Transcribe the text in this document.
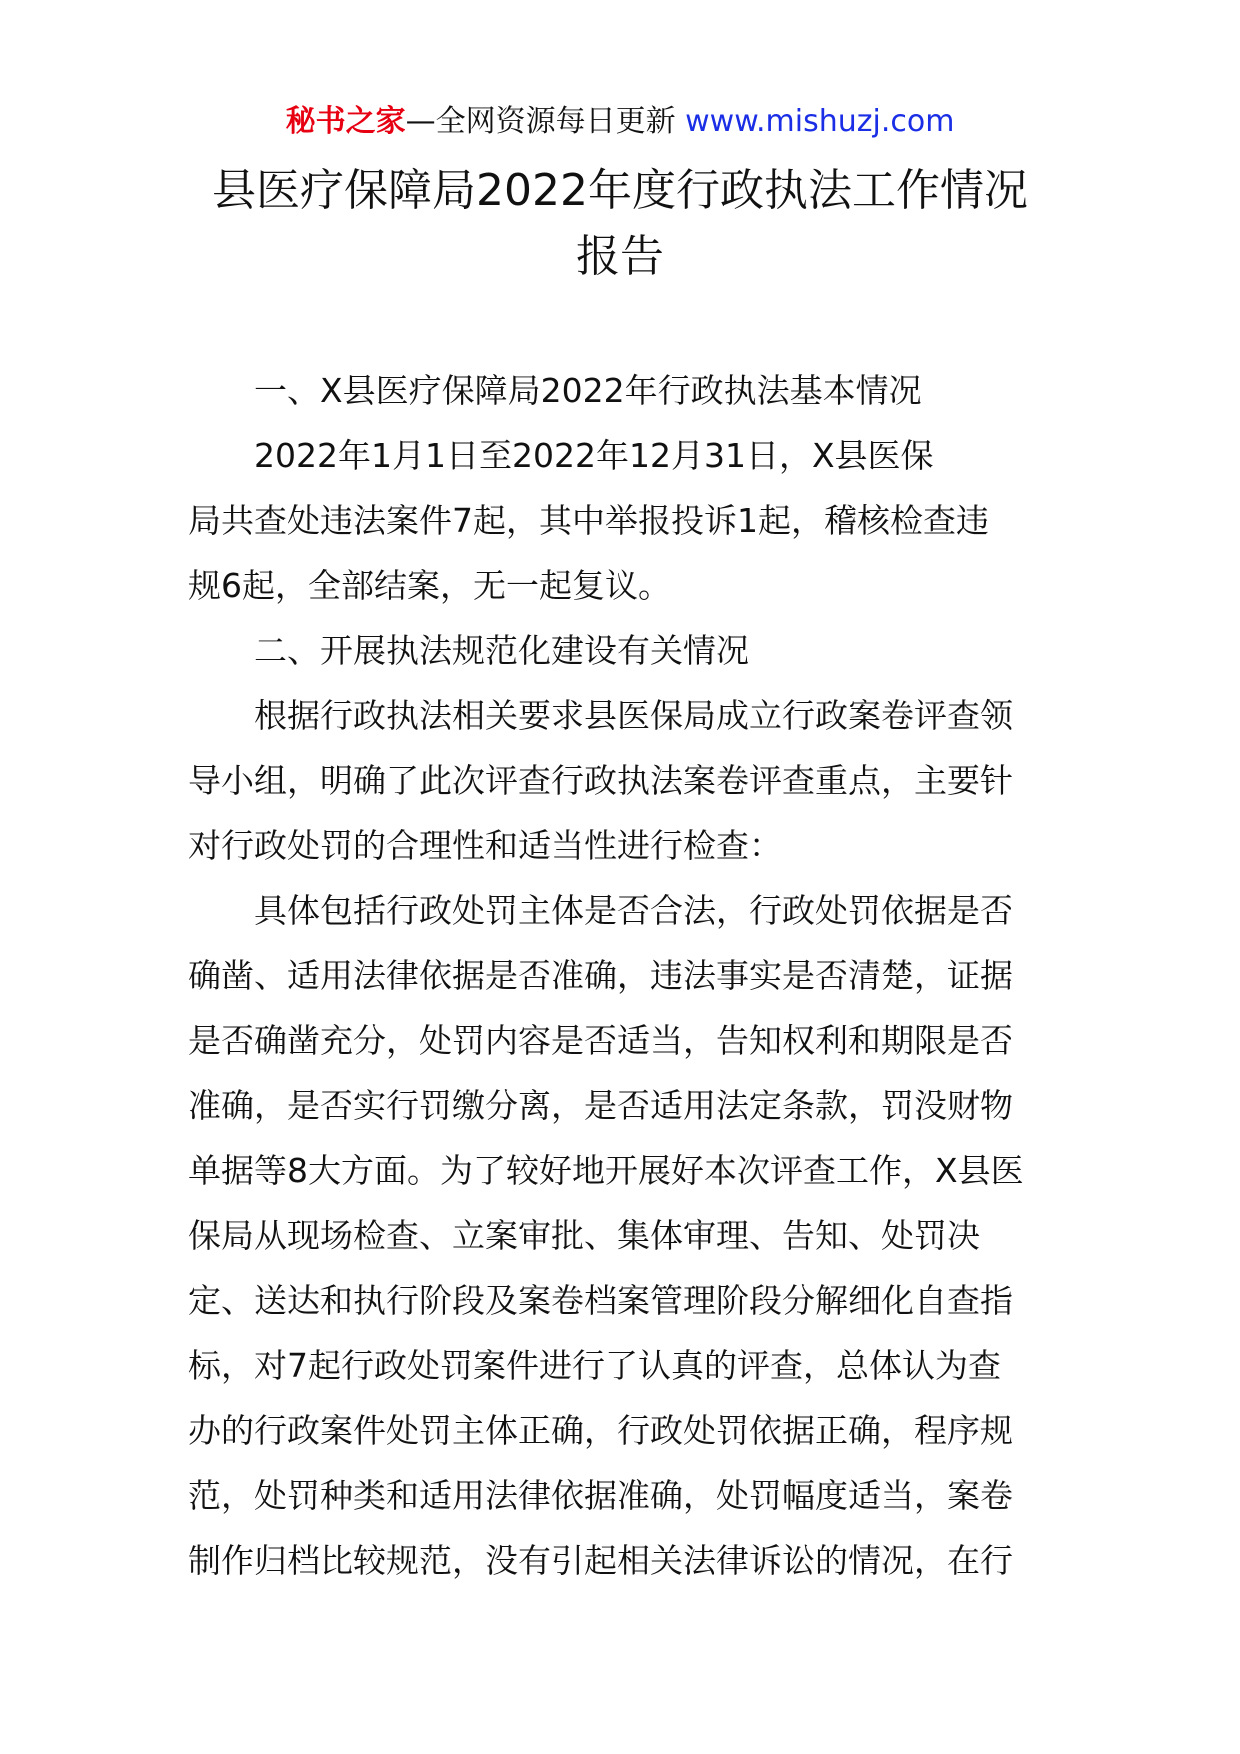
秘书之家—全网资源每日更新 www.mishuzj.com
县医疗保障局2022年度行政执法工作情况
报告

一、X县医疗保障局2022年行政执法基本情况

2022年1月1日至2022年12月31日，X县医保

局共查处违法案件7起，其中举报投诉1起，稽核检查违

规6起，全部结案，无一起复议。

二、开展执法规范化建设有关情况

根据行政执法相关要求县医保局成立行政案卷评查领

导小组，明确了此次评查行政执法案卷评查重点，主要针

对行政处罚的合理性和适当性进行检查：

具体包括行政处罚主体是否合法，行政处罚依据是否

确凿、适用法律依据是否准确，违法事实是否清楚，证据

是否确凿充分，处罚内容是否适当，告知权利和期限是否

准确，是否实行罚缴分离，是否适用法定条款，罚没财物

单据等8大方面。为了较好地开展好本次评查工作，X县医

保局从现场检查、立案审批、集体审理、告知、处罚决

定、送达和执行阶段及案卷档案管理阶段分解细化自查指

标，对7起行政处罚案件进行了认真的评查，总体认为查

办的行政案件处罚主体正确，行政处罚依据正确，程序规

范，处罚种类和适用法律依据准确，处罚幅度适当，案卷

制作归档比较规范，没有引起相关法律诉讼的情况，在行
